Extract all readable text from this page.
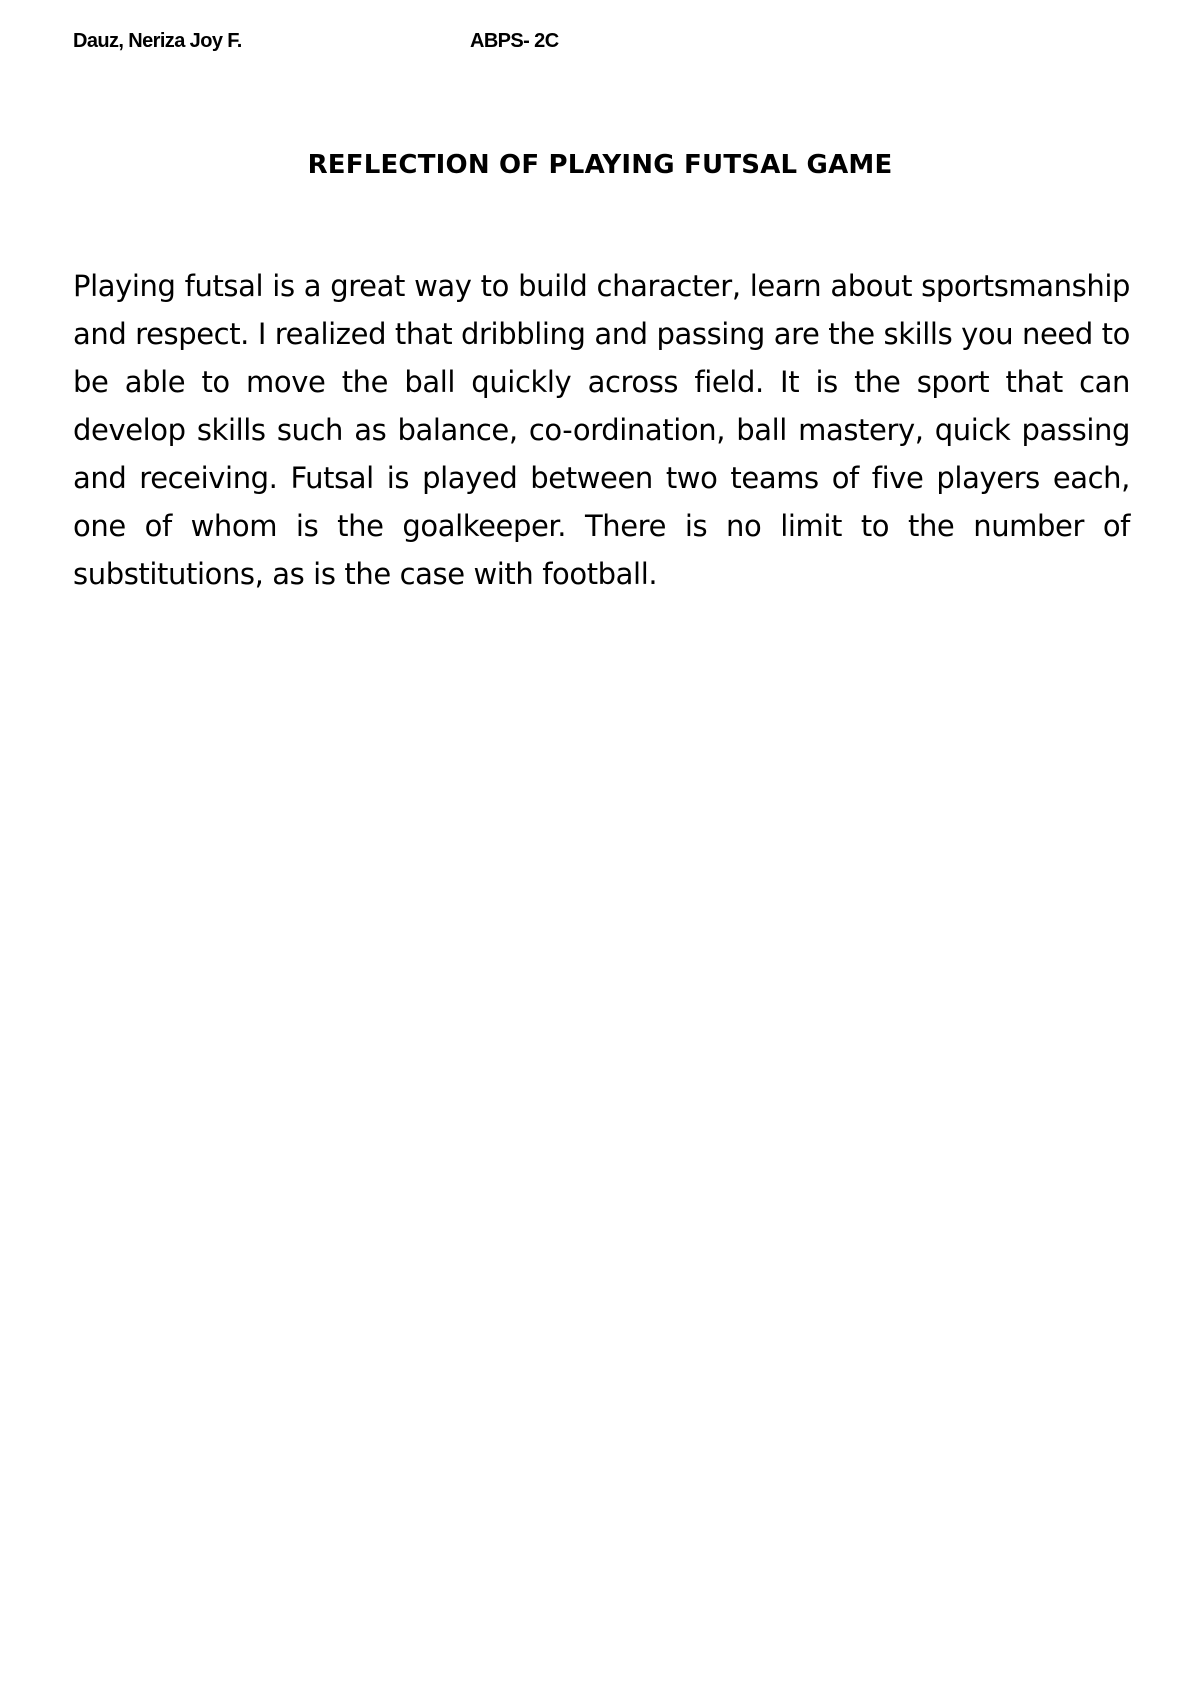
Dauz, Neriza Joy F.	ABPS- 2C
REFLECTION OF PLAYING FUTSAL GAME

Playing futsal is a great way to build character, learn about sportsmanship and respect. I realized that dribbling and passing are the skills you need to be able to move the ball quickly across field. It is the sport that can develop skills such as balance, co-ordination, ball mastery, quick passing and receiving. Futsal is played between two teams of five players each, one of whom is the goalkeeper. There is no limit to the number of substitutions, as is the case with football.
